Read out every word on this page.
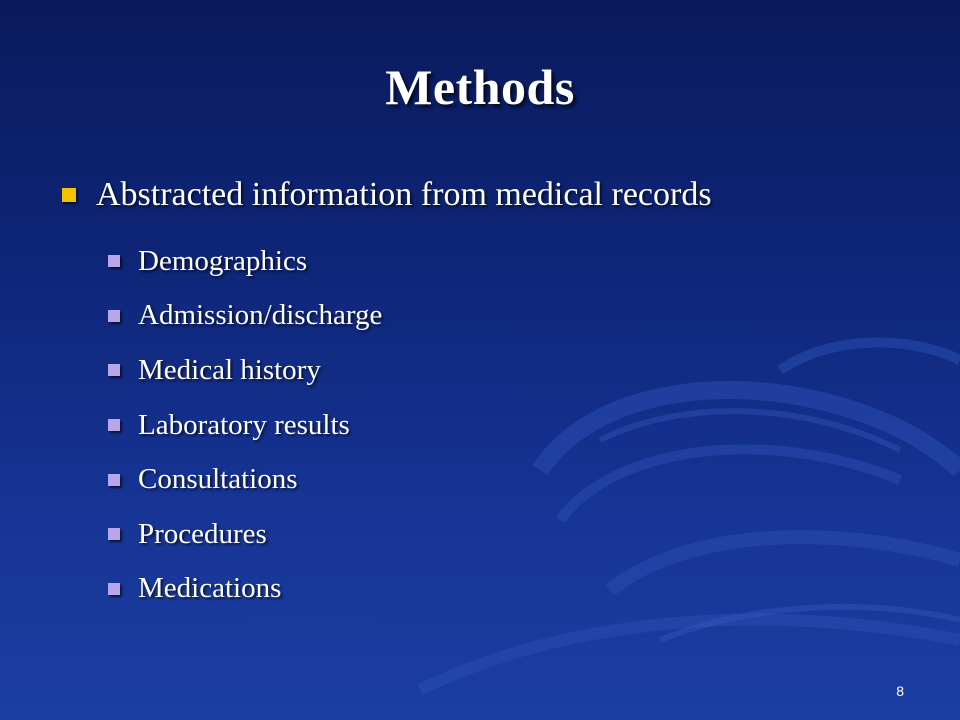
Methods
Abstracted information from medical records
Demographics
Admission/discharge
Medical history
Laboratory results
Consultations
Procedures
Medications
8
